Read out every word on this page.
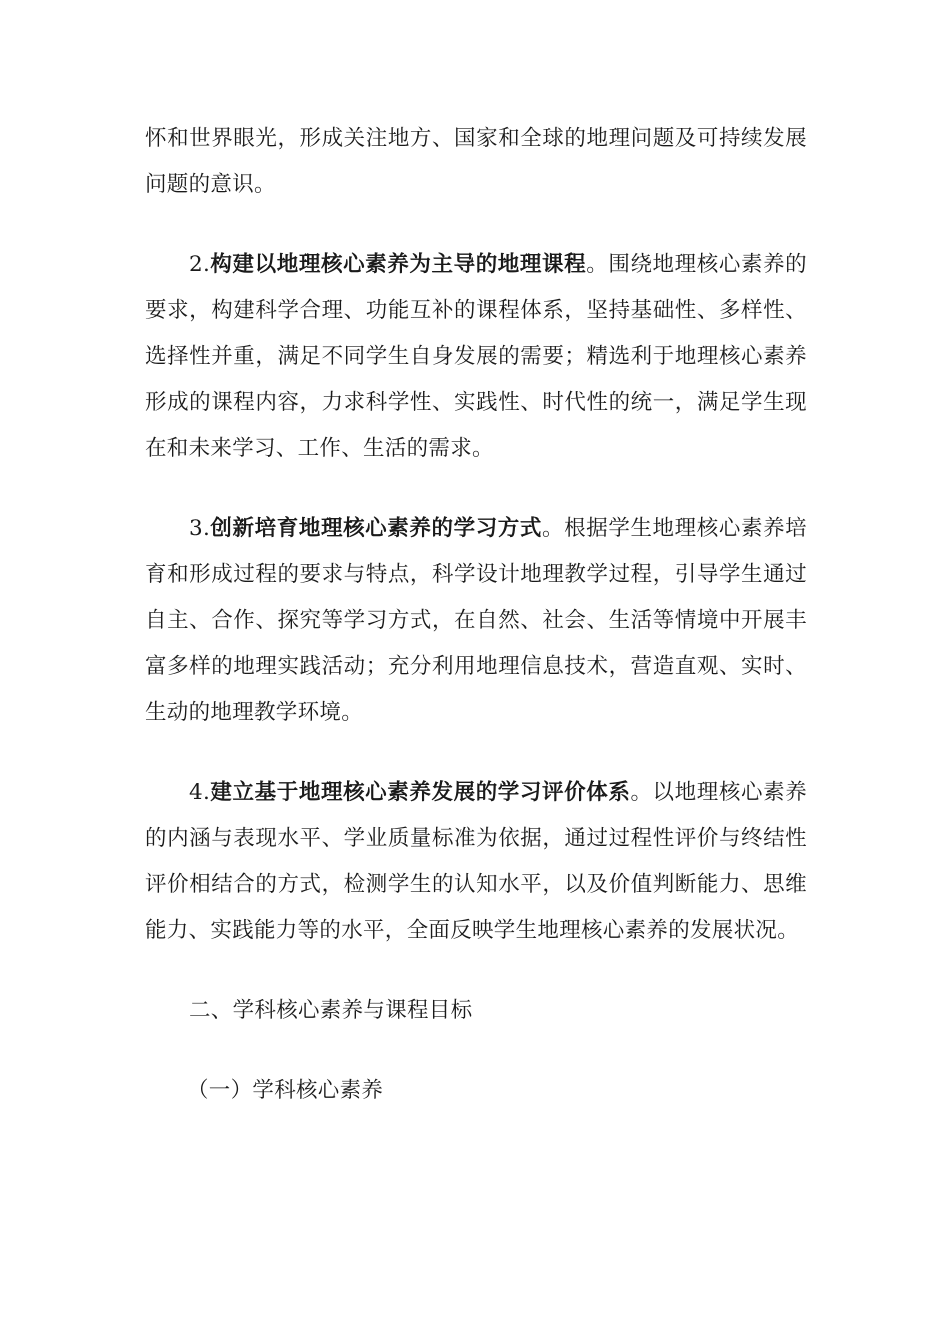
怀和世界眼光，形成关注地方、国家和全球的地理问题及可持续发展问题的意识。

2.构建以地理核心素养为主导的地理课程。围绕地理核心素养的要求，构建科学合理、功能互补的课程体系，坚持基础性、多样性、选择性并重，满足不同学生自身发展的需要；精选利于地理核心素养形成的课程内容，力求科学性、实践性、时代性的统一，满足学生现在和未来学习、工作、生活的需求。

3.创新培育地理核心素养的学习方式。根据学生地理核心素养培育和形成过程的要求与特点，科学设计地理教学过程，引导学生通过自主、合作、探究等学习方式，在自然、社会、生活等情境中开展丰富多样的地理实践活动；充分利用地理信息技术，营造直观、实时、生动的地理教学环境。

4.建立基于地理核心素养发展的学习评价体系。以地理核心素养的内涵与表现水平、学业质量标准为依据，通过过程性评价与终结性评价相结合的方式，检测学生的认知水平，以及价值判断能力、思维能力、实践能力等的水平，全面反映学生地理核心素养的发展状况。

二、学科核心素养与课程目标

（一）学科核心素养
